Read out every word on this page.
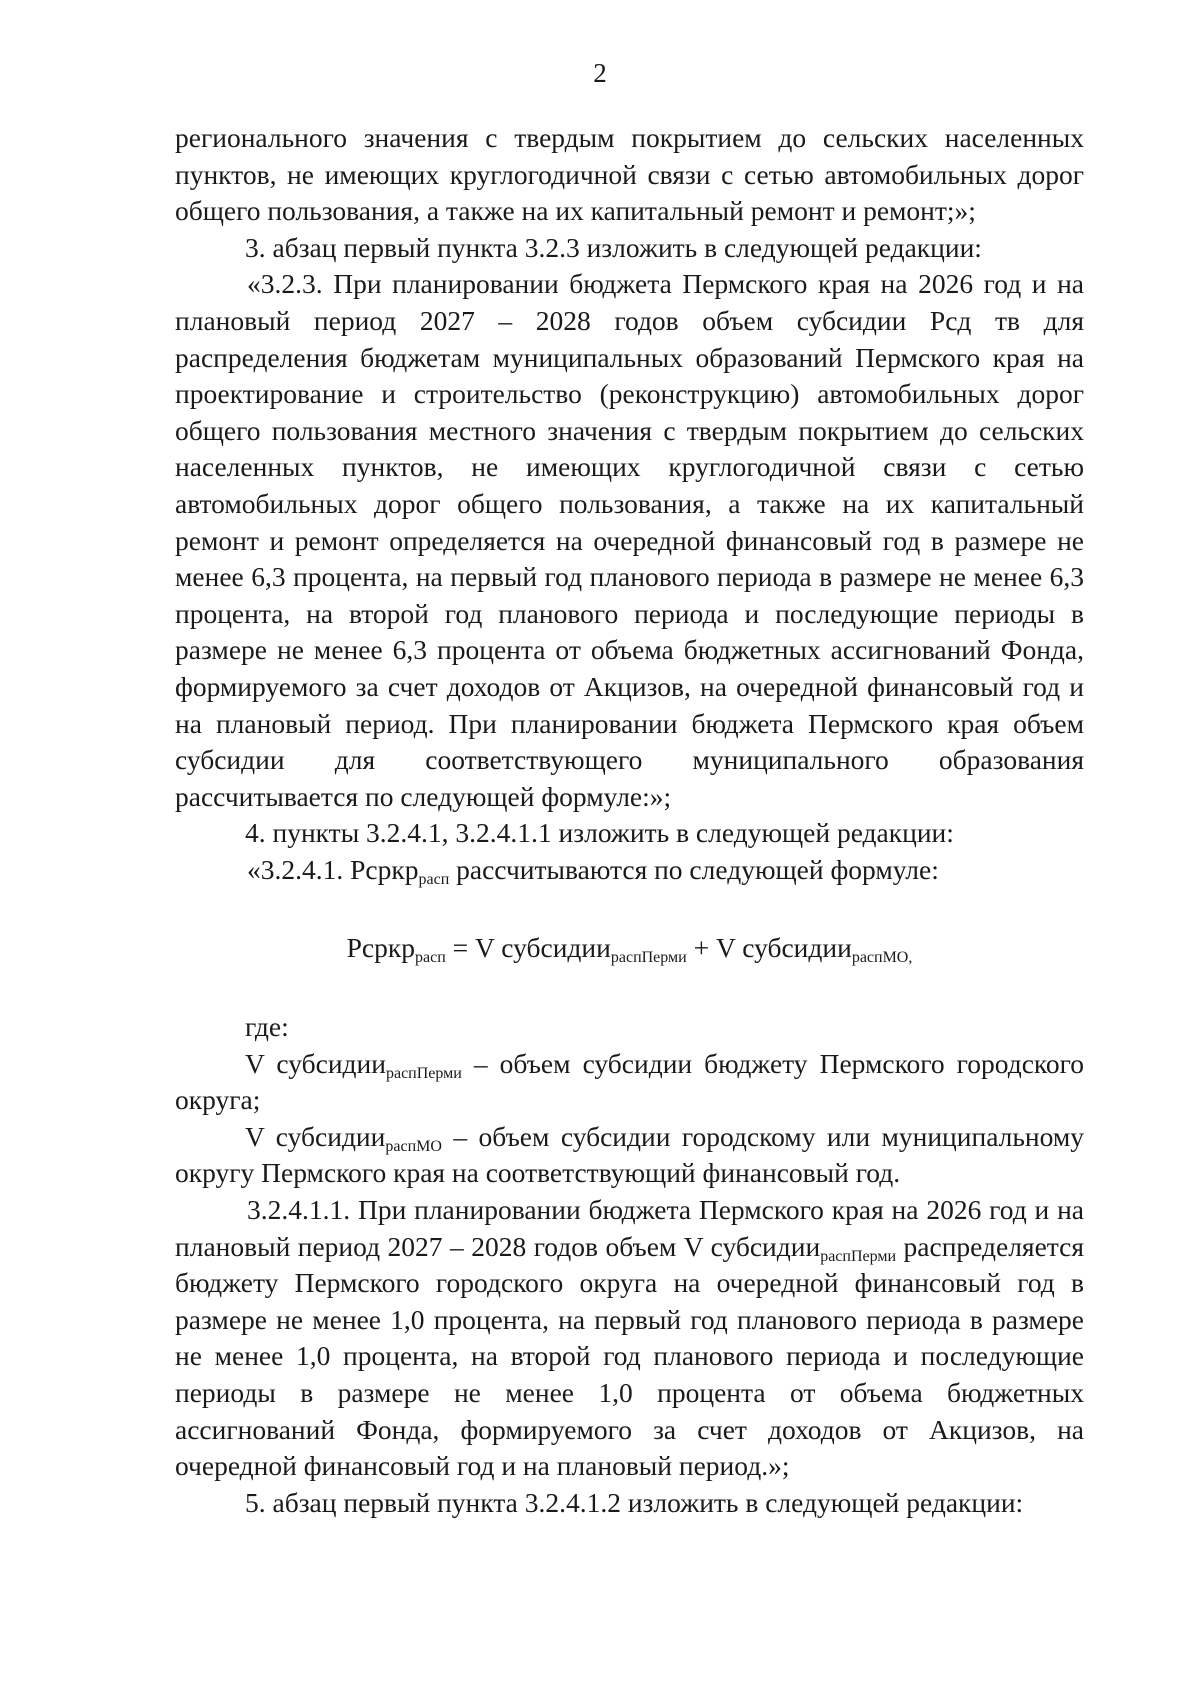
2

регионального значения с твердым покрытием до сельских населенных пунктов, не имеющих круглогодичной связи с сетью автомобильных дорог общего пользования, а также на их капитальный ремонт и ремонт;»;

3. абзац первый пункта 3.2.3 изложить в следующей редакции:

«3.2.3. При планировании бюджета Пермского края на 2026 год и на плановый период 2027 – 2028 годов объем субсидии Рсд тв для распределения бюджетам муниципальных образований Пермского края на проектирование и строительство (реконструкцию) автомобильных дорог общего пользования местного значения с твердым покрытием до сельских населенных пунктов, не имеющих круглогодичной связи с сетью автомобильных дорог общего пользования, а также на их капитальный ремонт и ремонт определяется на очередной финансовый год в размере не менее 6,3 процента, на первый год планового периода в размере не менее 6,3 процента, на второй год планового периода и последующие периоды в размере не менее 6,3 процента от объема бюджетных ассигнований Фонда, формируемого за счет доходов от Акцизов, на очередной финансовый год и на плановый период. При планировании бюджета Пермского края объем субсидии для соответствующего муниципального образования рассчитывается по следующей формуле:»;

4. пункты 3.2.4.1, 3.2.4.1.1 изложить в следующей редакции:

«3.2.4.1. Рсркр$_{расп}$ рассчитываются по следующей формуле:

Рсркр$_{расп}$ = V субсидии$_{распПерми}$ + V субсидии$_{распМО,}$

где:

V субсидии$_{распПерми}$ – объем субсидии бюджету Пермского городского округа;

V субсидии$_{распМО}$ – объем субсидии городскому или муниципальному округу Пермского края на соответствующий финансовый год.

3.2.4.1.1. При планировании бюджета Пермского края на 2026 год и на плановый период 2027 – 2028 годов объем V субсидии$_{распПерми}$ распределяется бюджету Пермского городского округа на очередной финансовый год в размере не менее 1,0 процента, на первый год планового периода в размере не менее 1,0 процента, на второй год планового периода и последующие периоды в размере не менее 1,0 процента от объема бюджетных ассигнований Фонда, формируемого за счет доходов от Акцизов, на очередной финансовый год и на плановый период.»;

5. абзац первый пункта 3.2.4.1.2 изложить в следующей редакции:
